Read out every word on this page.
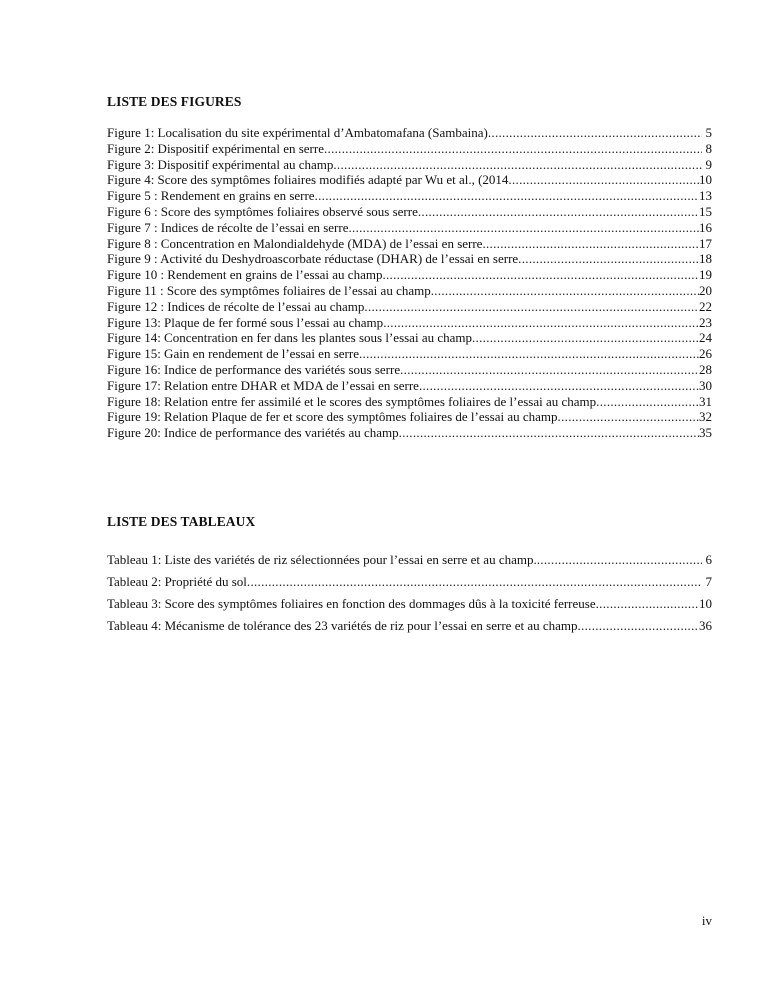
LISTE DES FIGURES
Figure 1: Localisation du site expérimental d’Ambatomafana (Sambaina) .....	5
Figure 2: Dispositif expérimental en serre .....	8
Figure 3: Dispositif expérimental au champ .....	9
Figure 4: Score des symptômes foliaires modifiés adapté par Wu et al., (2014 .....	10
Figure 5 : Rendement en grains en serre .....	13
Figure 6 : Score des symptômes foliaires observé sous serre .....	15
Figure 7 : Indices de récolte de l’essai en serre .....	16
Figure 8 : Concentration en Malondialdehyde (MDA) de l’essai en serre .....	17
Figure 9 : Activité du Deshydroascorbate réductase (DHAR) de l’essai en serre .....	18
Figure 10 : Rendement en grains de l’essai au champ .....	19
Figure 11 : Score des symptômes foliaires de l’essai au champ .....	20
Figure 12 : Indices de récolte de l’essai au champ .....	22
Figure 13: Plaque de fer formé sous l’essai au champ .....	23
Figure 14: Concentration en fer dans les plantes sous l’essai au champ .....	24
Figure 15: Gain en rendement de l’essai en serre .....	26
Figure 16: Indice de performance des variétés sous serre .....	28
Figure 17: Relation entre DHAR et MDA de l’essai en serre .....	30
Figure 18: Relation entre fer assimilé et le scores des symptômes foliaires de l’essai au champ .....	31
Figure 19: Relation Plaque de fer et score des symptômes foliaires de l’essai au champ .....	32
Figure 20: Indice de performance des variétés au champ .....	35
LISTE DES TABLEAUX
Tableau 1: Liste des variétés de riz sélectionnées pour l’essai en serre et au champ. .....	6
Tableau 2: Propriété du sol .....	7
Tableau 3: Score des symptômes foliaires en fonction des dommages dûs à la toxicité ferreuse .....	10
Tableau 4: Mécanisme de tolérance des 23 variétés de riz pour l’essai en serre et au champ .....	36
iv
